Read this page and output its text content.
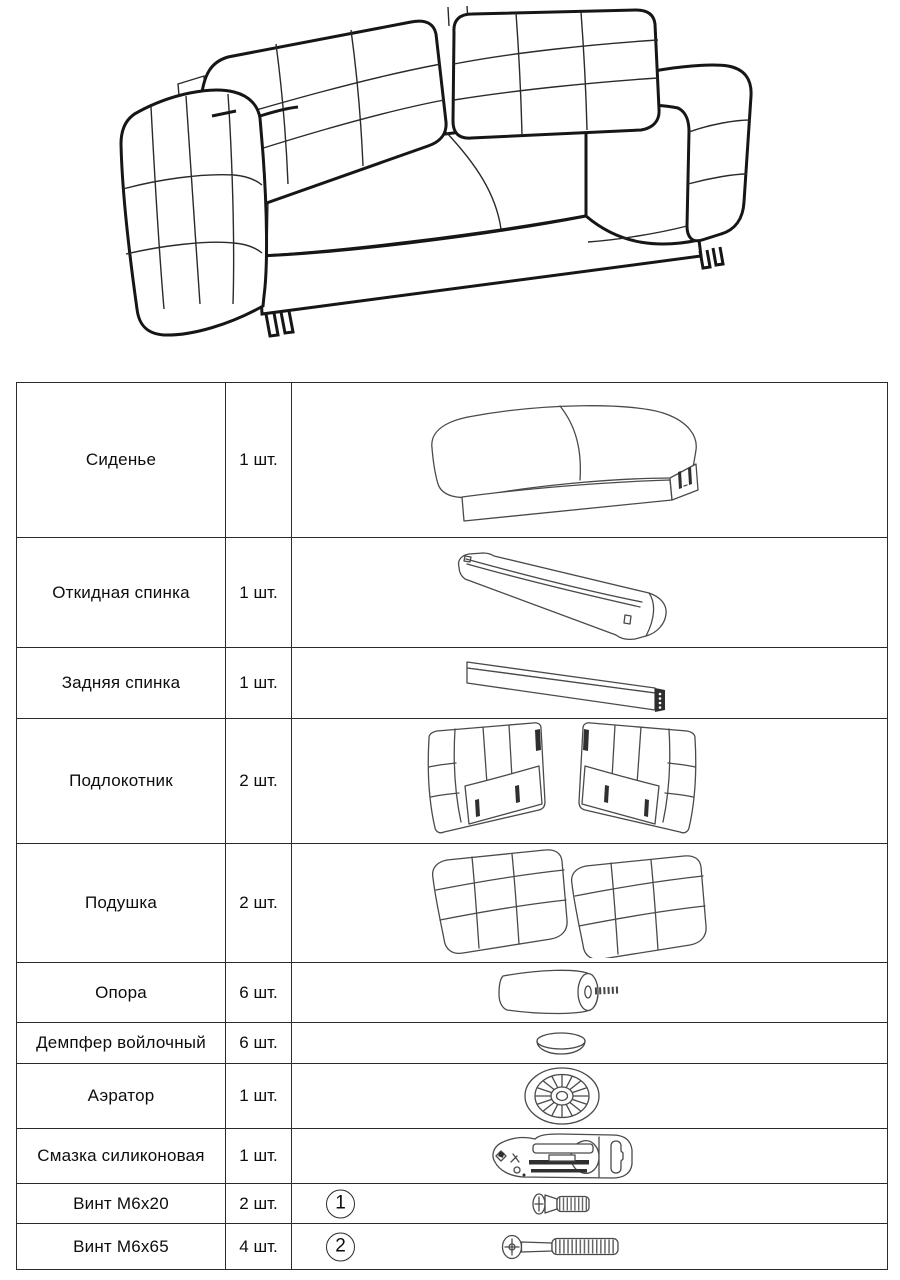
Сиденье	1 шт.	

Откидная спинка	1 шт.	

Задняя спинка	1 шт.	

Подлокотник	2 шт.	

Подушка	2 шт.	

Опора	6 шт.	

Демпфер войлочный	6 шт.	

Аэратор	1 шт.	

Смазка силиконовая	1 шт.	

Винт М6х20	2 шт.	1

Винт М6х65	4 шт.	2
